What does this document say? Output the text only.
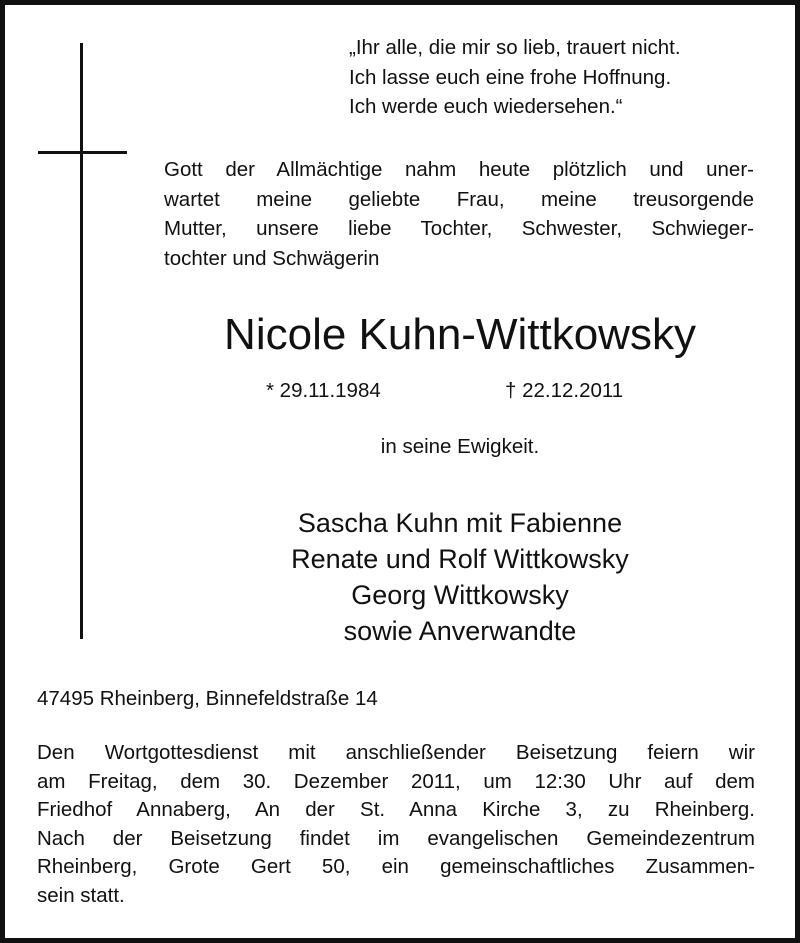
„Ihr alle, die mir so lieb, trauert nicht.
Ich lasse euch eine frohe Hoffnung.
Ich werde euch wiedersehen.“
Gott der Allmächtige nahm heute plötzlich und uner-
wartet meine geliebte Frau, meine treusorgende
Mutter, unsere liebe Tochter, Schwester, Schwieger-
tochter und Schwägerin
Nicole Kuhn-Wittkowsky
* 29.11.1984	† 22.12.2011
in seine Ewigkeit.
Sascha Kuhn mit Fabienne
Renate und Rolf Wittkowsky
Georg Wittkowsky
sowie Anverwandte
47495 Rheinberg, Binnefeldstraße 14
Den Wortgottesdienst mit anschließender Beisetzung feiern wir
am Freitag, dem 30. Dezember 2011, um 12:30 Uhr auf dem
Friedhof Annaberg, An der St. Anna Kirche 3, zu Rheinberg.
Nach der Beisetzung findet im evangelischen Gemeindezentrum
Rheinberg, Grote Gert 50, ein gemeinschaftliches Zusammen-
sein statt.
